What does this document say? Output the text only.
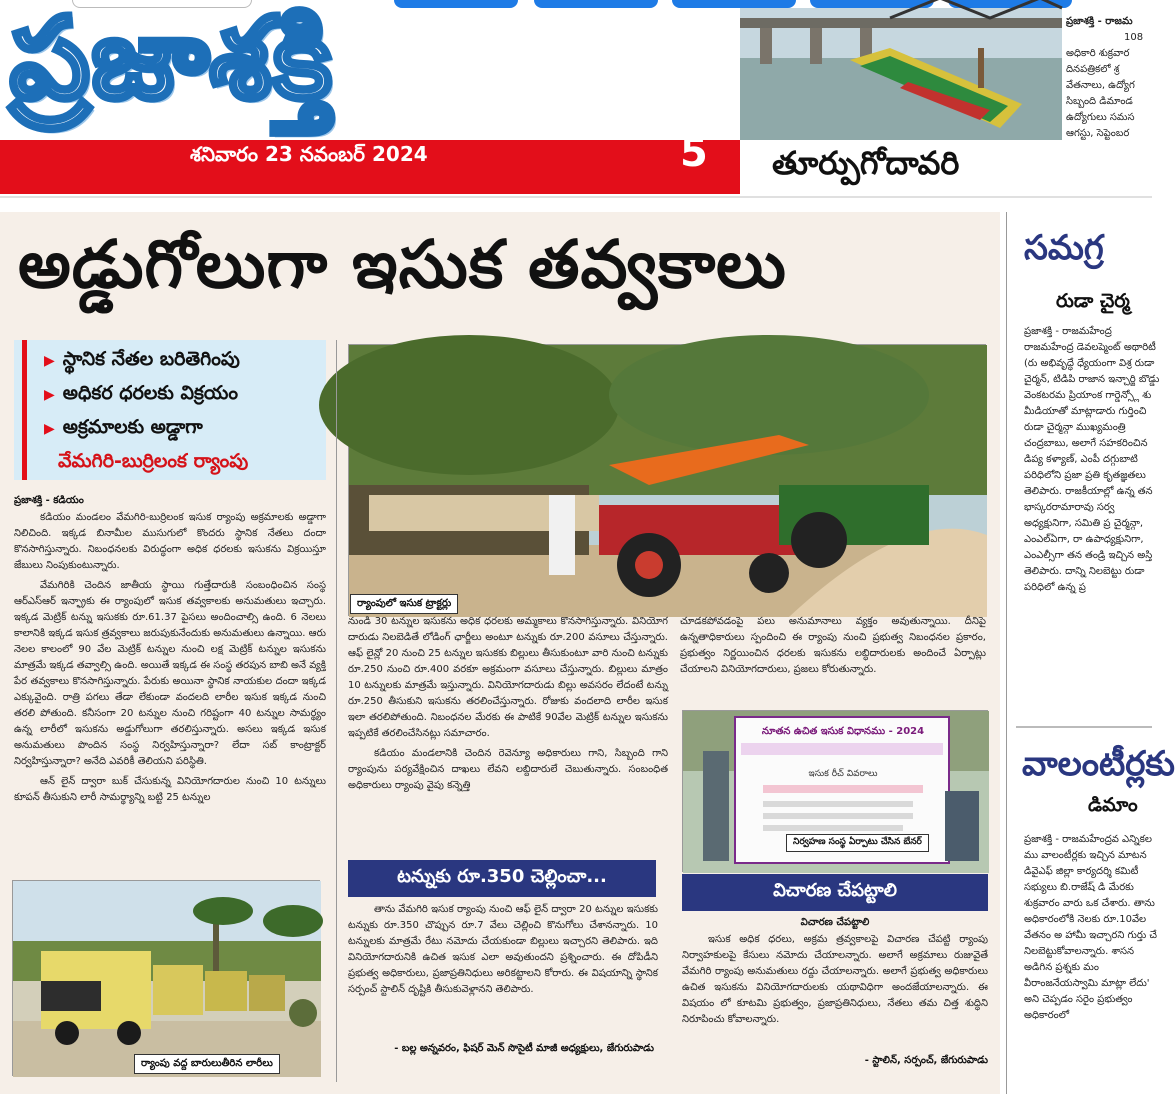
ప్రజాశక్తి
శనివారం 23 నవంబర్ 2024	5 తూర్పుగోదావరి
ప్రజాశక్తి - రాజమ
108
అధికారి శుక్రవార
దినపత్రికలో శ్ర
వేతనాలు, ఉద్యోగ
సిబ్బంది డిమాండ
ఉద్యోగులు సమస
ఆగస్టు, సెప్టెంబర
అడ్డుగోలుగా ఇసుక తవ్వకాలు
▶ స్థానిక నేతల బరితెగింపు
▶ అధికర ధరలకు విక్రయం
▶ అక్రమాలకు అడ్డాగా
వేమగిరి-బుర్రిలంక ర్యాంపు
ప్రజాశక్తి - కడియం

కడియం మండలం వేమగిరి-బుర్రిలంక ఇసుక ర్యాంపు అక్రమాలకు అడ్డాగా నిలిచింది. ఇక్కడ బినామీల ముసుగులో కొందరు స్థానిక నేతలు దందా కొనసాగిస్తున్నారు. నిబంధనలకు విరుద్ధంగా అధిక ధరలకు ఇసుకను విక్రయిస్తూ జేబులు నింపుకుంటున్నారు.

వేమగిరికి చెందిన జాతీయ స్థాయి గుత్తేదారుకి సంబంధించిన సంస్థ ఆర్ఎస్ఆర్ ఇన్ఫ్రాకు ఈ ర్యాంపులో ఇసుక తవ్వకాలకు అనుమతులు ఇచ్చారు. ఇక్కడ మెట్రిక్ టన్ను ఇసుకకు రూ.61.37 పైసలు అందించాల్సి ఉంది. 6 నెలలు కాలానికి ఇక్కడ ఇసుక త్రవ్వకాలు జరుపుకునేందుకు అనుమతులు ఉన్నాయి. ఆరు నెలల కాలంలో 90 వేల మెట్రిక్ టన్నుల నుంచి లక్ష మెట్రిక్ టన్నుల ఇసుకను మాత్రమే ఇక్కడ తవ్వాల్సి ఉంది. అయితే ఇక్కడ ఈ సంస్థ తరపున బాబి అనే వ్యక్తి పేర తవ్వకాలు కొనసాగిస్తున్నారు. పేరుకు అయినా స్థానిక నాయకుల దందా ఇక్కడ ఎక్కువైంది. రాత్రి పగలు తేడా లేకుండా వందలది లారీల ఇసుక ఇక్కడ నుంచి తరలి పోతుంది. కనీసంగా 20 టన్నుల నుంచి గరిష్టంగా 40 టన్నుల సామర్థ్యం ఉన్న లారీలో ఇసుకను అడ్డుగోలుగా తరలిస్తున్నారు. అసలు ఇక్కడ ఇసుక అనుమతులు పొందిన సంస్థ నిర్వహిస్తున్నారా? లేదా సబ్ కాంట్రాక్టర్ నిర్వహిస్తున్నారా? అనేది ఎవరికీ తెలియని పరిస్థితి.

ఆన్ లైన్ ద్వారా బుక్ చేసుకున్న వినియోగదారుల నుంచి 10 టన్నులు కూపన్ తీసుకుని లారీ సామర్థ్యాన్ని బట్టి 25 టన్నుల

ర్యాంపులో ఇసుక ట్రాక్టర్లు

నుండి 30 టన్నుల ఇసుకను అధిక ధరలకు అమ్మకాలు కొనసాగిస్తున్నారు. వినియోగ దారుడు నిలబెడితే లోడింగ్ ఛార్జీలు అంటూ టన్నుకు రూ.200 వసూలు చేస్తున్నారు. ఆఫ్ లైన్లో 20 నుంచి 25 టన్నుల ఇసుకకు బిల్లులు తీసుకుంటూ వారి నుంచి టన్నుకు రూ.250 నుంచి రూ.400 వరకూ అక్రమంగా వసూలు చేస్తున్నారు. బిల్లులు మాత్రం 10 టన్నులకు మాత్రమే ఇస్తున్నారు. వినియోగదారుడు బిల్లు అవసరం లేదంటే టన్ను రూ.250 తీసుకుని ఇసుకను తరలించేస్తున్నారు. రోజుకు వందలాది లారీల ఇసుక ఇలా తరలిపోతుంది. నిబంధనల మేరకు ఈ పాటికే 90వేల మెట్రిక్ టన్నుల ఇసుకను ఇప్పటికే తరలించేసినట్లు సమాచారం.

కడియం మండలానికి చెందిన రెవెన్యూ అధికారులు గాని, సిబ్బంది గాని ర్యాంపును పర్యవేక్షించిన దాఖలు లేవని లబ్దిదారులే చెబుతున్నారు. సంబంధిత అధికారులు ర్యాంపు వైపు కన్నెత్తి

చూడకపోవడంపై పలు అనుమానాలు వ్యక్తం అవుతున్నాయి. దీనిపై ఉన్నతాధికారులు స్పందించి ఈ ర్యాంపు నుంచి ప్రభుత్వ నిబంధనల ప్రకారం, ప్రభుత్వం నిర్ణయించిన ధరలకు ఇసుకను లబ్ధిదారులకు అందించే ఏర్పాట్లు చేయాలని వినియోగదారులు, ప్రజలు కోరుతున్నారు.

నూతన ఉచిత ఇసుక విధానము - 2024
ఇసుక రీచ్ వివరాలు
నిర్వహణ సంస్థ ఏర్పాటు చేసిన బేనర్
టన్నుకు రూ.350 చెల్లించా...

తాను వేమగిరి ఇసుక ర్యాంపు నుంచి ఆఫ్ లైన్ ద్వారా 20 టన్నుల ఇసుకకు టన్నుకు రూ.350 చొప్పున రూ.7 వేలు చెల్లించి కొనుగోలు చేశానన్నారు. 10 టన్నులకు మాత్రమే రేటు నమోదు చేయకుండా బిల్లులు ఇచ్చారని తెలిపారు. ఇది వినియోగదారునికి ఉచిత ఇసుక ఎలా అవుతుందని ప్రశ్నించారు. ఈ దోపిడీని ప్రభుత్వ అధికారులు, ప్రజాప్రతినిధులు అరికట్టాలని కోరారు. ఈ విషయాన్ని స్థానిక సర్పంచ్ స్టాలిన్ దృష్టికి తీసుకువెళ్లానని తెలిపారు.

- బల్ల అన్నవరం, ఫిషర్ మెన్ సొసైటీ మాజీ అధ్యక్షులు, జేగురుపాడు
విచారణ చేపట్టాలి
విచారణ చేపట్టాలి

ఇసుక అధిక ధరలు, అక్రమ త్రవ్వకాలపై విచారణ చేపట్టి ర్యాంపు నిర్వాహకులపై కేసులు నమోదు చేయాలన్నారు. అలాగే అక్రమాలు రుజువైతే వేమగిరి ర్యాంపు అనుమతులు రద్దు చేయాలన్నారు. అలాగే ప్రభుత్వ అధికారులు ఉచిత ఇసుకను వినియోగదారులకు యథావిధిగా అందజేయాలన్నారు. ఈ విషయం లో కూటమి ప్రభుత్వం, ప్రజాప్రతినిధులు, నేతలు తమ చిత్త శుద్ధిని నిరూపించు కోవాలన్నారు.

- స్టాలిన్, సర్పంచ్, జేగురుపాడు
ర్యాంపు వద్ద బారులుతీరిన లారీలు
సమగ్ర
రుడా చైర్మ
ప్రజాశక్తి - రాజమహేంద్ర రాజమహేంద్ర డెవలప్మెంట్ అథారిటీ (రు అభివృద్ధే ధ్యేయంగా విశ్ర రుడా చైర్మన్, టిడిపి రాజాన ఇన్చార్జి బొడ్డు వెంకటరమ ప్రియాంక గార్డెన్స్లో శు మీడియాతో మాట్లాడారు గుర్తించి రుడా చైర్మన్గా ముఖ్యమంత్రి చంద్రబాబు, అలాగే సహకరించిన డిప్య కళ్యాణ్, ఎంపీ దగ్గుబాటి పరిధిలోని ప్రజా ప్రతి కృతజ్ఞతలు తెలిపారు. రాజకీయాల్లో ఉన్న తన భాస్కరరామారావు సర్వ అధ్యక్షునిగా, సమితి ప్ర చైర్మన్గా, ఎంఎల్ఏగా, రా ఉపాధ్యక్షునిగా, ఎంఎల్సీగా తన తండ్రి ఇచ్చిన అస్తి తెలిపారు. దాన్ని నిలబెట్టు రుడా పరిధిలో ఉన్న ప్ర
వాలంటీర్లకు
డిమాం
ప్రజాశక్తి - రాజమహేంద్రవ ఎన్నికల ము వాలంటీర్లకు ఇచ్చిన మాటన డివైఎఫ్ జిల్లా కార్యదర్శి కమిటీ సభ్యులు బి.రాజేష్ డి మేరకు శుక్రవారం వారు ఒక చేశారు. తాను అధికారంలోకి నెలకు రూ.10వేల వేతనం అ హామీ ఇచ్చారని గుర్తు చే నిలబెట్టుకోవాలన్నారు. శాసన అడిగిన ప్రశ్నకు మం వీరాంజనేయస్వామి మాట్లా లేదు' అని చెప్పడం సరైం ప్రభుత్వం అధికారంలో
